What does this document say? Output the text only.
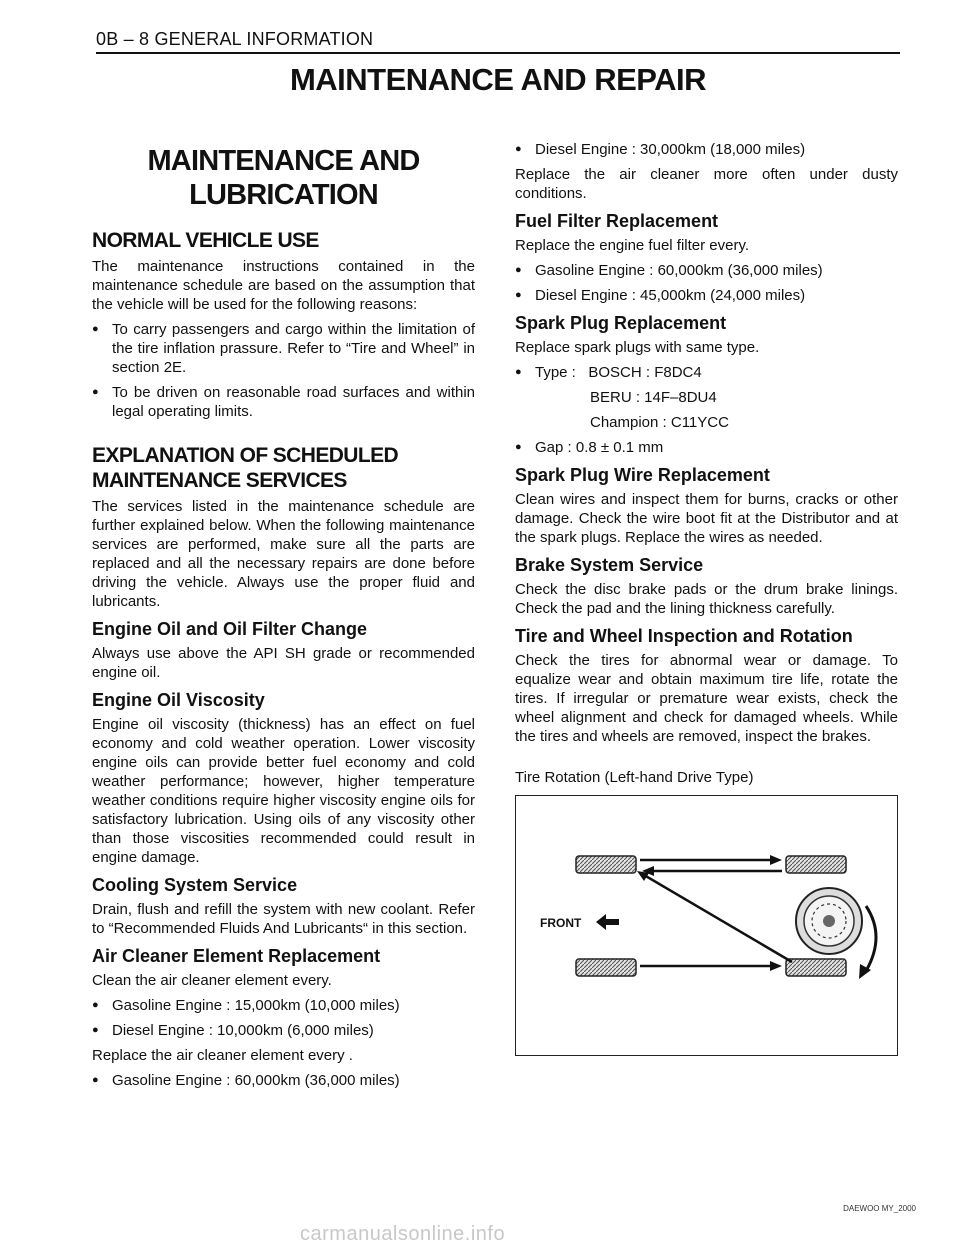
0B – 8 GENERAL INFORMATION
MAINTENANCE AND REPAIR
MAINTENANCE AND LUBRICATION
NORMAL VEHICLE USE

The maintenance instructions contained in the maintenance schedule are based on the assumption that the vehicle will be used for the following reasons:

● To carry passengers and cargo within the limitation of the tire inflation prassure. Refer to “Tire and Wheel” in section 2E.
● To be driven on reasonable road surfaces and within legal operating limits.
EXPLANATION OF SCHEDULED MAINTENANCE SERVICES

The services listed in the maintenance schedule are further explained below. When the following maintenance services are performed, make sure all the parts are replaced and all the necessary repairs are done before driving the vehicle. Always use the proper fluid and lubricants.

Engine Oil and Oil Filter Change

Always use above the API SH grade or recommended engine oil.

Engine Oil Viscosity

Engine oil viscosity (thickness) has an effect on fuel economy and cold weather operation. Lower viscosity engine oils can provide better fuel economy and cold weather performance; however, higher temperature weather conditions require higher viscosity engine oils for satisfactory lubrication. Using oils of any viscosity other than those viscosities recommended could result in engine damage.

Cooling System Service

Drain, flush and refill the system with new coolant. Refer to “Recommended Fluids And Lubricants“ in this section.

Air Cleaner Element Replacement

Clean the air cleaner element every.

● Gasoline Engine : 15,000km (10,000 miles)
● Diesel Engine : 10,000km (6,000 miles)

Replace the air cleaner element every .

● Gasoline Engine : 60,000km (36,000 miles)
● Diesel Engine : 30,000km (18,000 miles)

Replace the air cleaner more often under dusty conditions.

Fuel Filter Replacement

Replace the engine fuel filter every.

● Gasoline Engine : 60,000km (36,000 miles)
● Diesel Engine : 45,000km (24,000 miles)
Spark Plug Replacement

Replace spark plugs with same type.

● Type :   BOSCH : F8DC4
BERU : 14F–8DU4
Champion : C11YCC
● Gap : 0.8 ± 0.1 mm
Spark Plug Wire Replacement

Clean wires and inspect them for burns, cracks or other damage. Check the wire boot fit at the Distributor and at the spark plugs. Replace the wires as needed.

Brake System Service

Check the disc brake pads or the drum brake linings. Check the pad and the lining thickness carefully.

Tire and Wheel Inspection and Rotation

Check the tires for abnormal wear or damage. To equalize wear and obtain maximum tire life, rotate the tires. If irregular or premature wear exists, check the wheel alignment and check for damaged wheels. While the tires and wheels are removed, inspect the brakes.

Tire Rotation (Left-hand Drive Type)

FRONT
DAEWOO MY_2000
carmanualsonline.info
